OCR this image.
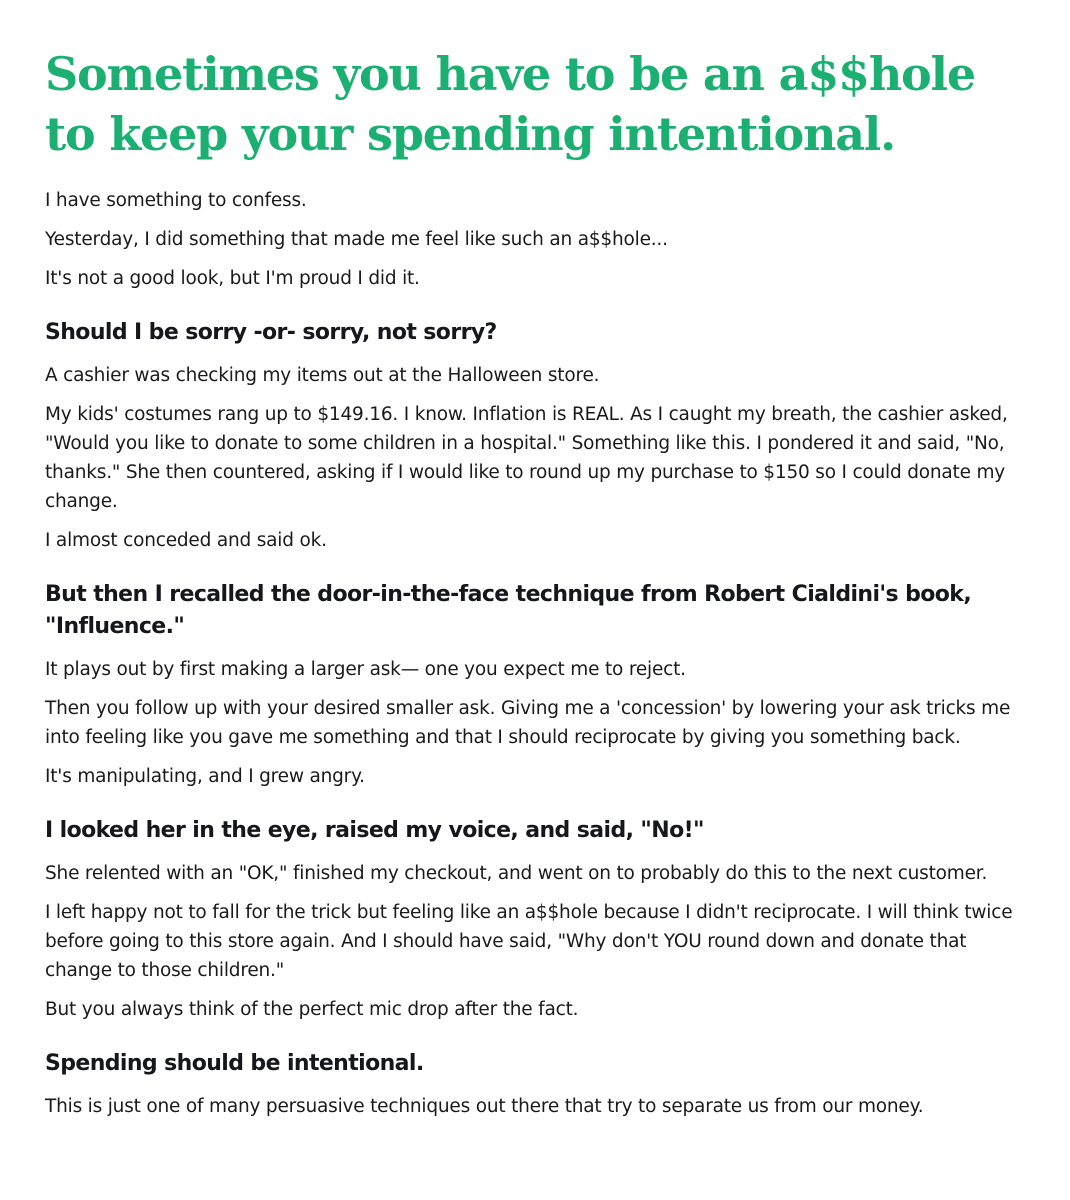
Sometimes you have to be an a$$hole to keep your spending intentional.

I have something to confess.

Yesterday, I did something that made me feel like such an a$$hole...

It's not a good look, but I'm proud I did it.

Should I be sorry -or- sorry, not sorry?

A cashier was checking my items out at the Halloween store.

My kids' costumes rang up to $149.16. I know. Inflation is REAL. As I caught my breath, the cashier asked, "Would you like to donate to some children in a hospital." Something like this. I pondered it and said, "No, thanks." She then countered, asking if I would like to round up my purchase to $150 so I could donate my change.

I almost conceded and said ok.

But then I recalled the door-in-the-face technique from Robert Cialdini's book, "Influence."

It plays out by first making a larger ask— one you expect me to reject.

Then you follow up with your desired smaller ask. Giving me a 'concession' by lowering your ask tricks me into feeling like you gave me something and that I should reciprocate by giving you something back.

It's manipulating, and I grew angry.

I looked her in the eye, raised my voice, and said, "No!"

She relented with an "OK," finished my checkout, and went on to probably do this to the next customer.

I left happy not to fall for the trick but feeling like an a$$hole because I didn't reciprocate. I will think twice before going to this store again. And I should have said, "Why don't YOU round down and donate that change to those children."

But you always think of the perfect mic drop after the fact.

Spending should be intentional.

This is just one of many persuasive techniques out there that try to separate us from our money.
